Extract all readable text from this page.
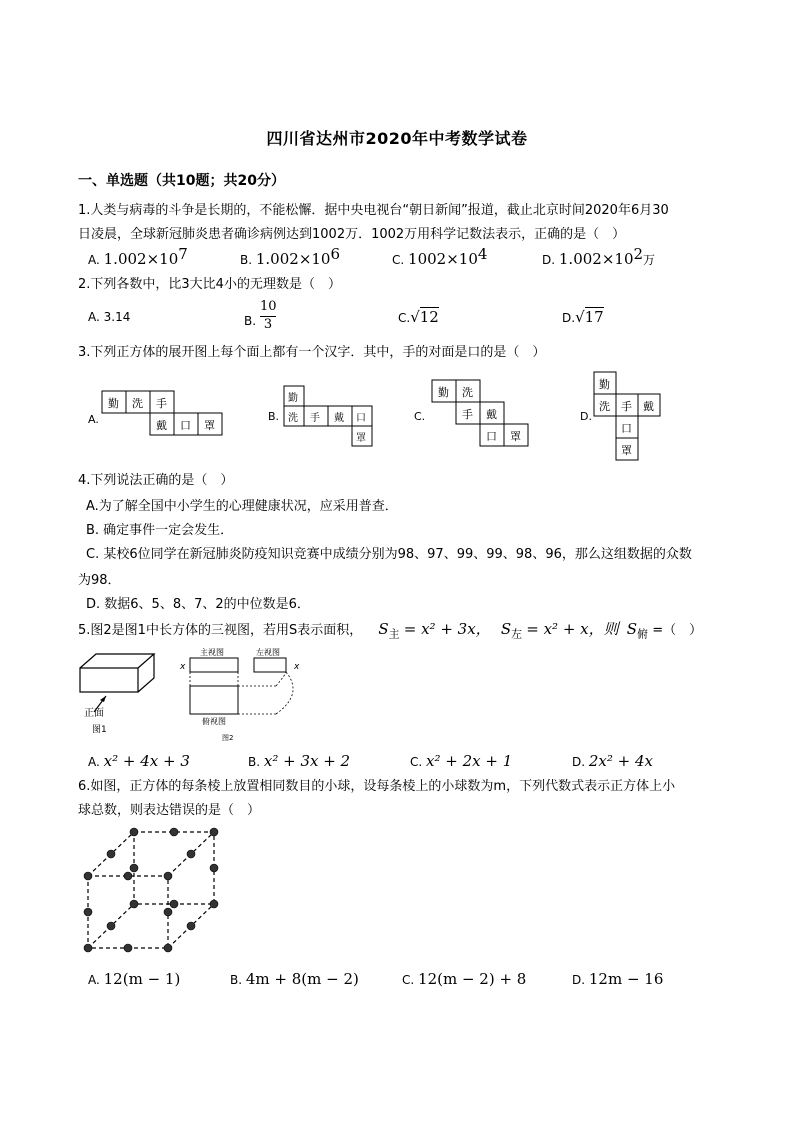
四川省达州市2020年中考数学试卷
一、单选题（共10题；共20分）
1.人类与病毒的斗争是长期的，不能松懈．据中央电视台“朝日新闻”报道，截止北京时间2020年6月30
日凌晨，全球新冠肺炎患者确诊病例达到1002万．1002万用科学记数法表示，正确的是（　）
A. $1.002\times 10^7$	B. $1.002\times 10^6$	C. $1002\times 10^4$	D. $1.002\times 10^2$万
2.下列各数中，比3大比4小的无理数是（　）
A. 3.14	B.
10
3	C.√12	D.√17
3.下列正方体的展开图上每个面上都有一个汉字．其中，手的对面是口的是（　）
A.
勤 洗 手
戴 口 罩
B.
勤
洗 手 戴 口
罩
C.
勤 洗
手 戴
口 罩
D.
勤
洗 手 戴
口
罩
4.下列说法正确的是（　）
A.为了解全国中小学生的心理健康状况，应采用普查．
B. 确定事件一定会发生．
C. 某校6位同学在新冠肺炎防疫知识竞赛中成绩分别为98、97、99、99、98、96，那么这组数据的众数
为98．
D. 数据6、5、8、7、2的中位数是6．
5.图2是图1中长方体的三视图，若用S表示面积， $S_主 = x^2 + 3x$， $S_左 = x^2 + x$，则 $S_俯$ =（　）
正面
图1
主视图	左视图
俯视图
图2
x	x
A. x² + 4x + 3	B. x² + 3x + 2	C. x² + 2x + 1	D. 2x² + 4x
6.如图，正方体的每条棱上放置相同数目的小球，设每条棱上的小球数为m，下列代数式表示正方体上小
球总数，则表达错误的是（　）
A. 12(m − 1)	B. 4m + 8(m − 2)	C. 12(m − 2) + 8	D. 12m − 16
